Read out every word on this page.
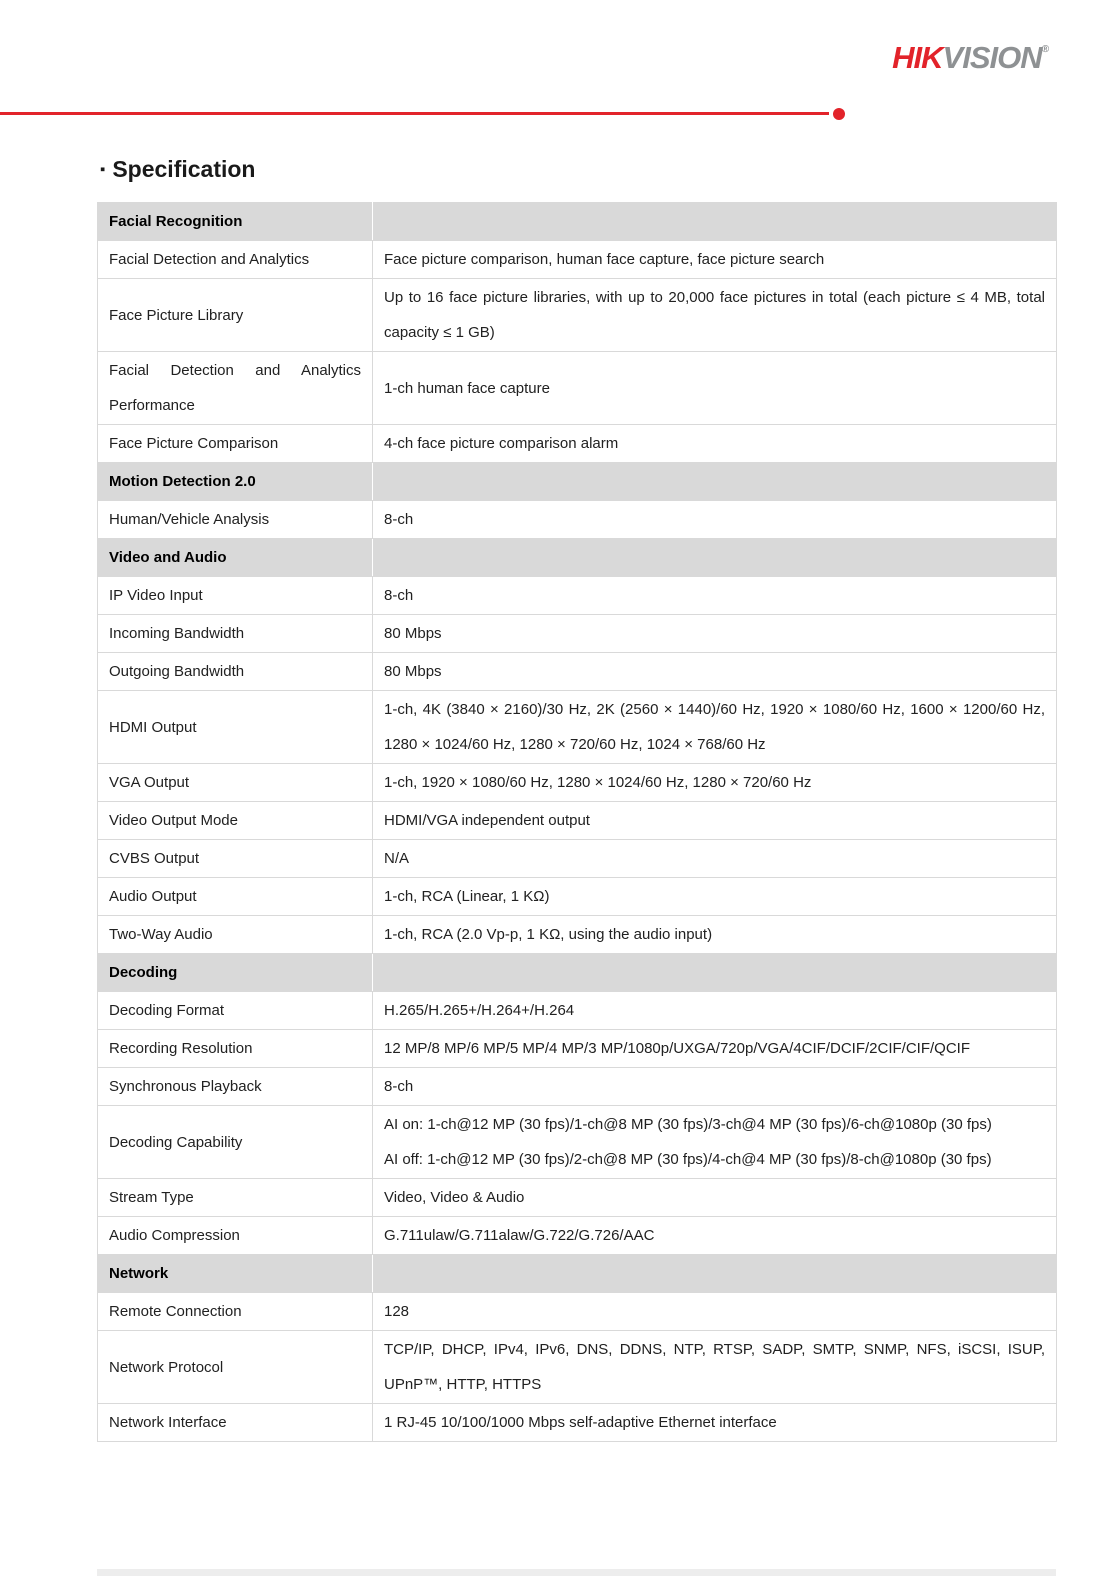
HIKVISION®
▪ Specification
Facial Recognition	
Facial Detection and Analytics	Face picture comparison, human face capture, face picture search

Face Picture Library	Up to 16 face picture libraries, with up to 20,000 face pictures in total (each picture ≤ 4 MB, total capacity ≤ 1 GB)

Facial Detection and Analytics Performance	1-ch human face capture

Face Picture Comparison	4-ch face picture comparison alarm

Motion Detection 2.0	
Human/Vehicle Analysis	8-ch

Video and Audio	
IP Video Input	8-ch

Incoming Bandwidth	80 Mbps

Outgoing Bandwidth	80 Mbps

HDMI Output	1-ch, 4K (3840 × 2160)/30 Hz, 2K (2560 × 1440)/60 Hz, 1920 × 1080/60 Hz, 1600 × 1200/60 Hz, 1280 × 1024/60 Hz, 1280 × 720/60 Hz, 1024 × 768/60 Hz

VGA Output	1-ch, 1920 × 1080/60 Hz, 1280 × 1024/60 Hz, 1280 × 720/60 Hz

Video Output Mode	HDMI/VGA independent output

CVBS Output	N/A

Audio Output	1-ch, RCA (Linear, 1 KΩ)

Two-Way Audio	1-ch, RCA (2.0 Vp-p, 1 KΩ, using the audio input)

Decoding	
Decoding Format	H.265/H.265+/H.264+/H.264

Recording Resolution	12 MP/8 MP/6 MP/5 MP/4 MP/3 MP/1080p/UXGA/720p/VGA/4CIF/DCIF/2CIF/CIF/QCIF

Synchronous Playback	8-ch

Decoding Capability	AI on: 1-ch@12 MP (30 fps)/1-ch@8 MP (30 fps)/3-ch@4 MP (30 fps)/6-ch@1080p (30 fps)

AI off: 1-ch@12 MP (30 fps)/2-ch@8 MP (30 fps)/4-ch@4 MP (30 fps)/8-ch@1080p (30 fps)

Stream Type	Video, Video & Audio

Audio Compression	G.711ulaw/G.711alaw/G.722/G.726/AAC

Network	
Remote Connection	128

Network Protocol	TCP/IP, DHCP, IPv4, IPv6, DNS, DDNS, NTP, RTSP, SADP, SMTP, SNMP, NFS, iSCSI, ISUP, UPnP™, HTTP, HTTPS

Network Interface	1 RJ-45 10/100/1000 Mbps self-adaptive Ethernet interface
